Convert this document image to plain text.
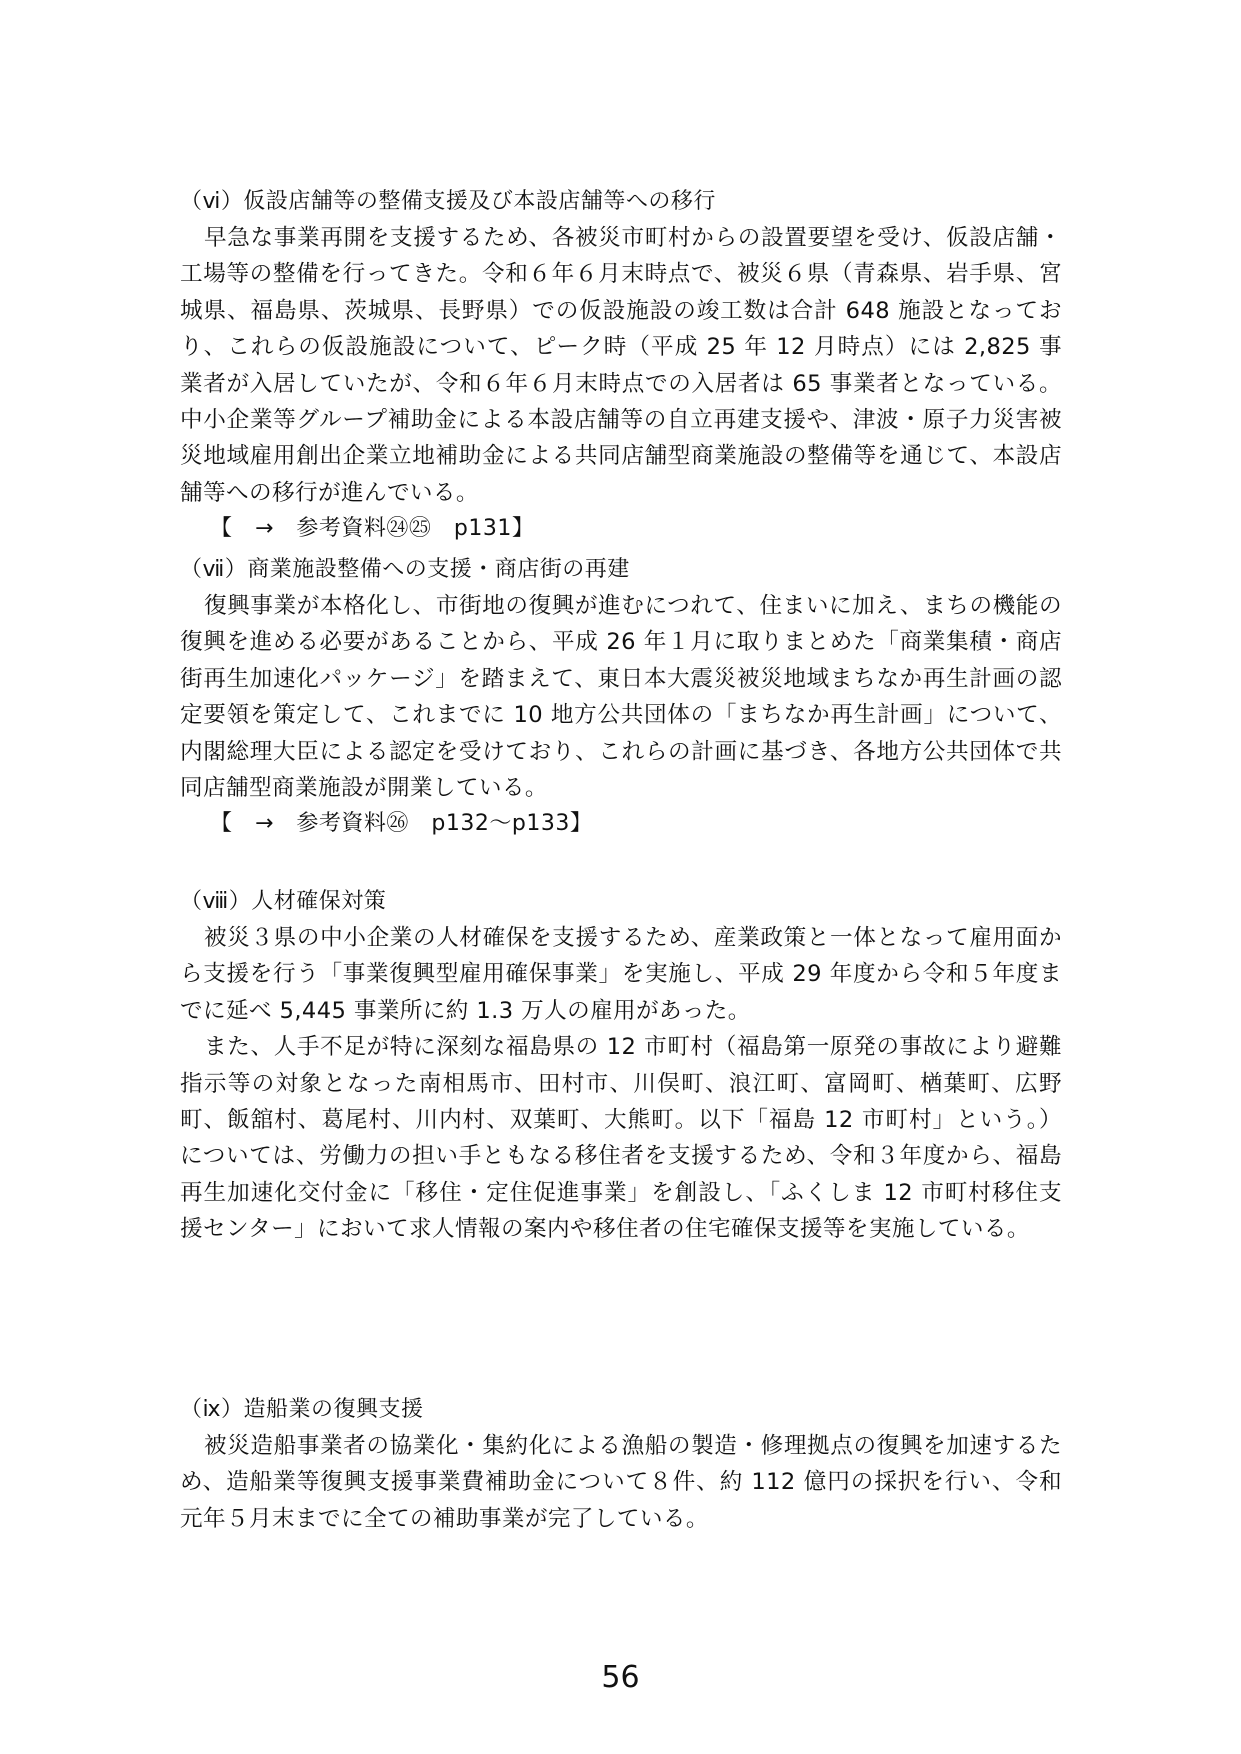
（ⅵ）仮設店舗等の整備支援及び本設店舗等への移行

早急な事業再開を支援するため、各被災市町村からの設置要望を受け、仮設店舗・工場等の整備を行ってきた。令和６年６月末時点で、被災６県（青森県、岩手県、宮城県、福島県、茨城県、長野県）での仮設施設の竣工数は合計 648 施設となっており、これらの仮設施設について、ピーク時（平成 25 年 12 月時点）には 2,825 事業者が入居していたが、令和６年６月末時点での入居者は 65 事業者となっている。中小企業等グループ補助金による本設店舗等の自立再建支援や、津波・原子力災害被災地域雇用創出企業立地補助金による共同店舗型商業施設の整備等を通じて、本設店舗等への移行が進んでいる。

【　→　参考資料㉔㉕　p131】
（ⅶ）商業施設整備への支援・商店街の再建

復興事業が本格化し、市街地の復興が進むにつれて、住まいに加え、まちの機能の復興を進める必要があることから、平成 26 年１月に取りまとめた「商業集積・商店街再生加速化パッケージ」を踏まえて、東日本大震災被災地域まちなか再生計画の認定要領を策定して、これまでに 10 地方公共団体の「まちなか再生計画」について、内閣総理大臣による認定を受けており、これらの計画に基づき、各地方公共団体で共同店舗型商業施設が開業している。

【　→　参考資料㉖　p132～p133】
（ⅷ）人材確保対策

被災３県の中小企業の人材確保を支援するため、産業政策と一体となって雇用面から支援を行う「事業復興型雇用確保事業」を実施し、平成 29 年度から令和５年度までに延べ 5,445 事業所に約 1.3 万人の雇用があった。

また、人手不足が特に深刻な福島県の 12 市町村（福島第一原発の事故により避難指示等の対象となった南相馬市、田村市、川俣町、浪江町、富岡町、楢葉町、広野町、飯舘村、葛尾村、川内村、双葉町、大熊町。以下「福島 12 市町村」という。）については、労働力の担い手ともなる移住者を支援するため、令和３年度から、福島再生加速化交付金に「移住・定住促進事業」を創設し、「ふくしま 12 市町村移住支援センター」において求人情報の案内や移住者の住宅確保支援等を実施している。

（ⅸ）造船業の復興支援

被災造船事業者の協業化・集約化による漁船の製造・修理拠点の復興を加速するため、造船業等復興支援事業費補助金について８件、約 112 億円の採択を行い、令和元年５月末までに全ての補助事業が完了している。

56
